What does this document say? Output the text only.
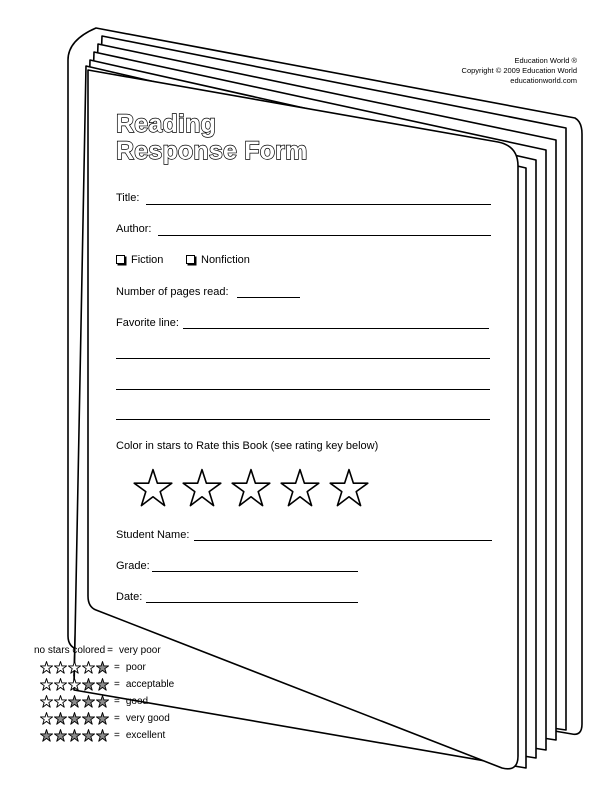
Education World ®
Copyright © 2009 Education World
educationworld.com
Reading
Response Form
Title:
Author:
Fiction	Nonfiction
Number of pages read:
Favorite line:
Color in stars to Rate this Book (see rating key below)
Student Name:
Grade:
Date:
no stars colored = very poor
= poor
= acceptable
= good
= very good
= excellent
